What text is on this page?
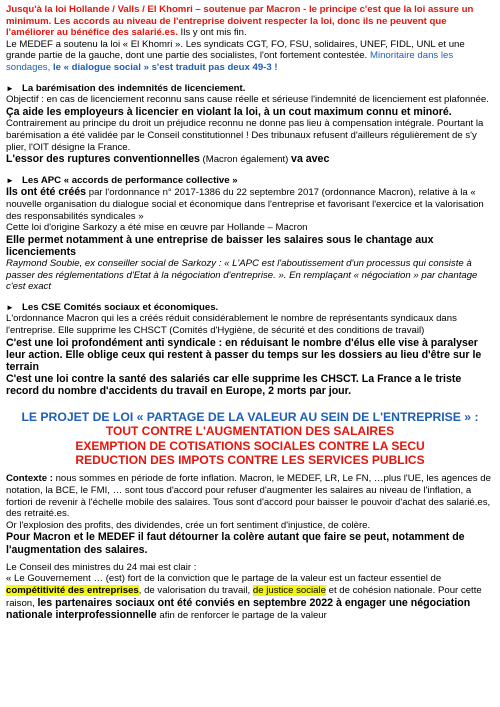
Jusqu'à la loi Hollande / Valls / El Khomri – soutenue par Macron - le principe c'est que la loi assure un minimum. Les accords au niveau de l'entreprise doivent respecter la loi, donc ils ne peuvent que l'améliorer au bénéfice des salarié.es. Ils y ont mis fin.

Le MEDEF a soutenu la loi « El Khomri ». Les syndicats CGT, FO, FSU, solidaires, UNEF, FIDL, UNL et une grande partie de la gauche, dont une partie des socialistes, l'ont fortement contestée. Minoritaire dans les sondages, le « dialogue social » s'est traduit pas deux 49-3 !

► La barémisation des indemnités de licenciement.

Objectif : en cas de licenciement reconnu sans cause réelle et sérieuse l'indemnité de licenciement est plafonnée. Ça aide les employeurs à licencier en violant la loi, à un cout maximum connu et minoré.

Contrairement au principe du droit un préjudice reconnu ne donne pas lieu à compensation intégrale. Pourtant la barémisation a été validée par le Conseil constitutionnel ! Des tribunaux refusent d'ailleurs régulièrement de s'y plier, l'OIT désigne la France.

L'essor des ruptures conventionnelles (Macron également) va avec

► Les APC « accords de performance collective »

Ils ont été créés par l'ordonnance n° 2017-1386 du 22 septembre 2017 (ordonnance Macron), relative à la « nouvelle organisation du dialogue social et économique dans l'entreprise et favorisant l'exercice et la valorisation des responsabilités syndicales »

Cette loi d'origine Sarkozy a été mise en œuvre par Hollande – Macron

Elle permet notamment à une entreprise de baisser les salaires sous le chantage aux licenciements

Raymond Soubie, ex conseiller social de Sarkozy : « L'APC est l'aboutissement d'un processus qui consiste à passer des réglementations d'Etat à la négociation d'entreprise. ». En remplaçant « négociation » par chantage c'est exact

► Les CSE Comités sociaux et économiques.

L'ordonnance Macron qui les a créés réduit considérablement le nombre de représentants syndicaux dans l'entreprise. Elle supprime les CHSCT (Comités d'Hygiène, de sécurité et des conditions de travail)

C'est une loi profondément anti syndicale : en réduisant le nombre d'élus elle vise à paralyser leur action. Elle oblige ceux qui restent à passer du temps sur les dossiers au lieu d'être sur le terrain

C'est une loi contre la santé des salariés car elle supprime les CHSCT. La France a le triste record du nombre d'accidents du travail en Europe, 2 morts par jour.

LE PROJET DE LOI « PARTAGE DE LA VALEUR AU SEIN DE L'ENTREPRISE » :

TOUT CONTRE L'AUGMENTATION DES SALAIRES

EXEMPTION DE COTISATIONS SOCIALES CONTRE LA SECU

REDUCTION DES IMPOTS CONTRE LES SERVICES PUBLICS

Contexte : nous sommes en période de forte inflation. Macron, le MEDEF, LR, Le FN, …plus l'UE, les agences de notation, la BCE, le FMI, … sont tous d'accord pour refuser d'augmenter les salaires au niveau de l'inflation, a fortiori de revenir à l'échelle mobile des salaires. Tous sont d'accord pour baisser le pouvoir d'achat des salarié.es, des retraité.es.

Or l'explosion des profits, des dividendes, crée un fort sentiment d'injustice, de colère.

Pour Macron et le MEDEF il faut détourner la colère autant que faire se peut, notamment de l'augmentation des salaires.

Le Conseil des ministres du 24 mai est clair :

« Le Gouvernement … (est) fort de la conviction que le partage de la valeur est un facteur essentiel de compétitivité des entreprises, de valorisation du travail, de justice sociale et de cohésion nationale. Pour cette raison, les partenaires sociaux ont été conviés en septembre 2022 à engager une négociation nationale interprofessionnelle afin de renforcer le partage de la valeur
